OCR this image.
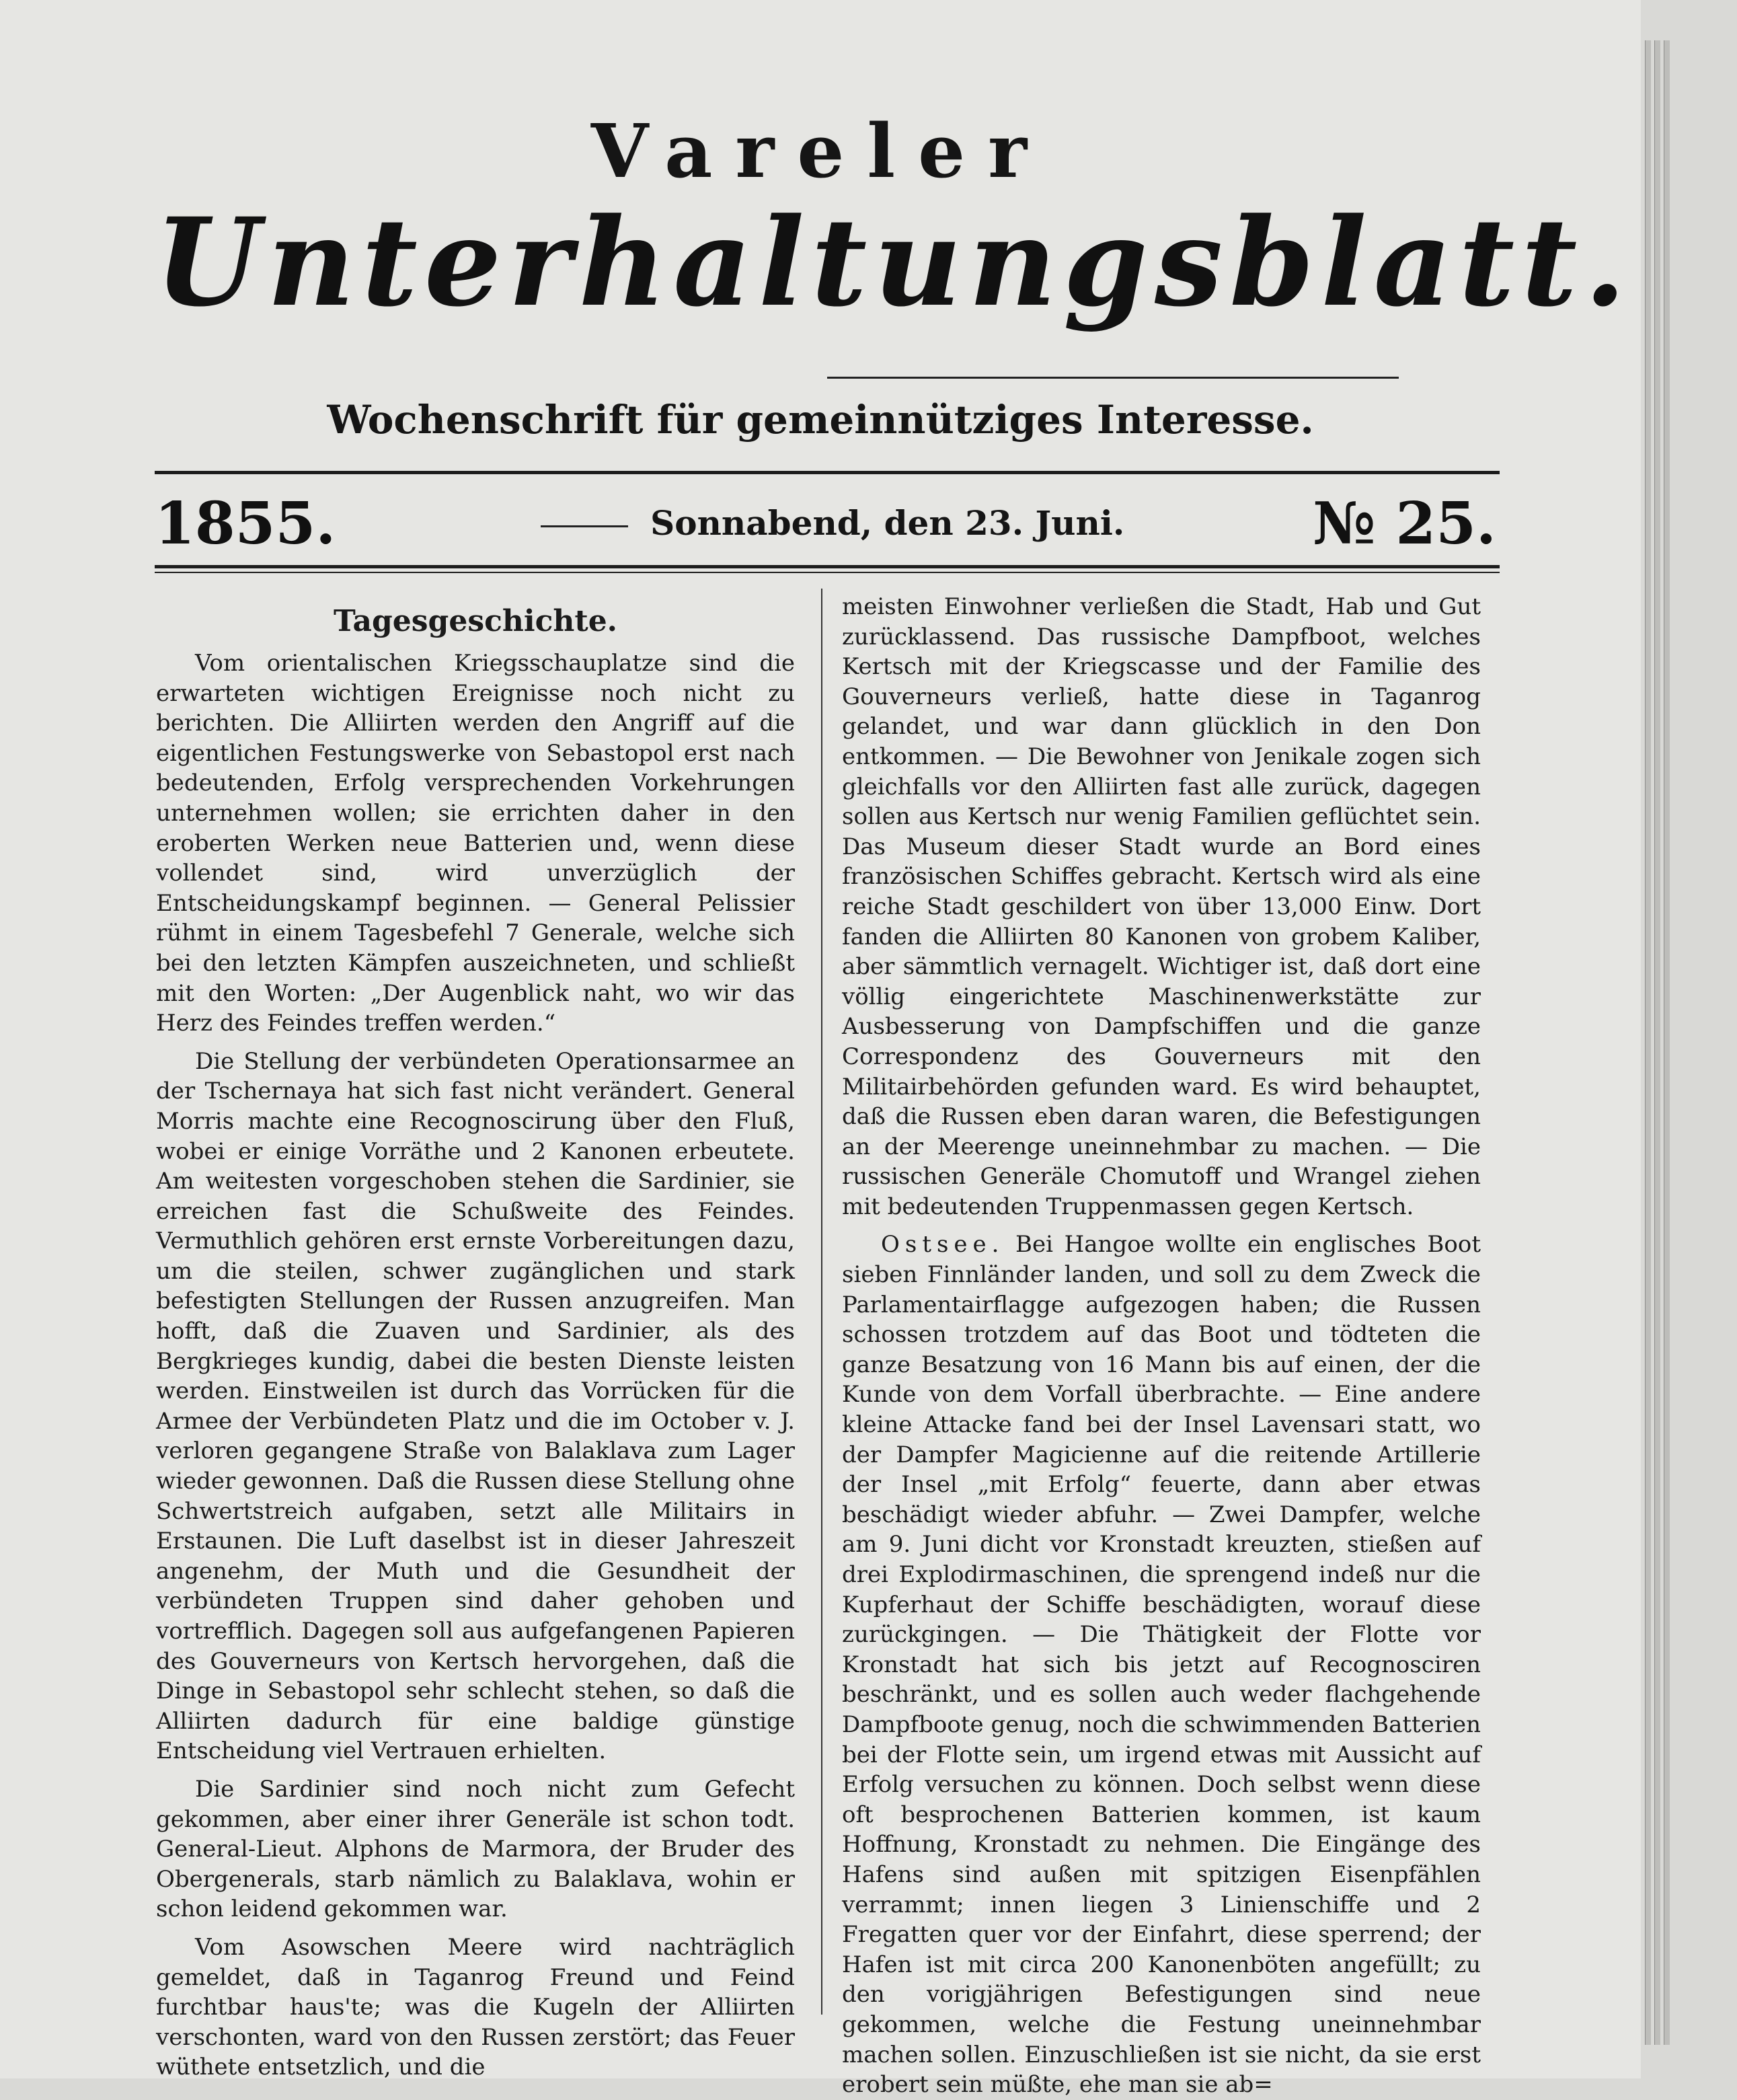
Vareler
Unterhaltungsblatt.
Wochenschrift für gemeinnütziges Interesse.
1855.	Sonnabend, den 23. Juni.	№ 25.
Tagesgeschichte.

Vom orientalischen Kriegsschauplatze sind die erwarteten wichtigen Ereignisse noch nicht zu berichten. Die Alliirten werden den Angriff auf die eigentlichen Festungswerke von Sebastopol erst nach bedeutenden, Erfolg versprechenden Vorkehrungen unternehmen wollen; sie errichten daher in den eroberten Werken neue Batterien und, wenn diese vollendet sind, wird unverzüglich der Entscheidungskampf beginnen. — General Pelissier rühmt in einem Tagesbefehl 7 Generale, welche sich bei den letzten Kämpfen auszeichneten, und schließt mit den Worten: „Der Augenblick naht, wo wir das Herz des Feindes treffen werden.“

Die Stellung der verbündeten Operationsarmee an der Tschernaya hat sich fast nicht verändert. General Morris machte eine Recognoscirung über den Fluß, wobei er einige Vorräthe und 2 Kanonen erbeutete. Am weitesten vorgeschoben stehen die Sardinier, sie erreichen fast die Schußweite des Feindes. Vermuthlich gehören erst ernste Vorbereitungen dazu, um die steilen, schwer zugänglichen und stark befestigten Stellungen der Russen anzugreifen. Man hofft, daß die Zuaven und Sardinier, als des Bergkrieges kundig, dabei die besten Dienste leisten werden. Einstweilen ist durch das Vorrücken für die Armee der Verbündeten Platz und die im October v. J. verloren gegangene Straße von Balaklava zum Lager wieder gewonnen. Daß die Russen diese Stellung ohne Schwertstreich aufgaben, setzt alle Militairs in Erstaunen. Die Luft daselbst ist in dieser Jahreszeit angenehm, der Muth und die Gesundheit der verbündeten Truppen sind daher gehoben und vortrefflich. Dagegen soll aus aufgefangenen Papieren des Gouverneurs von Kertsch hervorgehen, daß die Dinge in Sebastopol sehr schlecht stehen, so daß die Alliirten dadurch für eine baldige günstige Entscheidung viel Vertrauen erhielten.

Die Sardinier sind noch nicht zum Gefecht gekommen, aber einer ihrer Generäle ist schon todt. General-Lieut. Alphons de Marmora, der Bruder des Obergenerals, starb nämlich zu Balaklava, wohin er schon leidend gekommen war.

Vom Asowschen Meere wird nachträglich gemeldet, daß in Taganrog Freund und Feind furchtbar haus'te; was die Kugeln der Alliirten verschonten, ward von den Russen zerstört; das Feuer wüthete entsetzlich, und die

meisten Einwohner verließen die Stadt, Hab und Gut zurücklassend. Das russische Dampfboot, welches Kertsch mit der Kriegscasse und der Familie des Gouverneurs verließ, hatte diese in Taganrog gelandet, und war dann glücklich in den Don entkommen. — Die Bewohner von Jenikale zogen sich gleichfalls vor den Alliirten fast alle zurück, dagegen sollen aus Kertsch nur wenig Familien geflüchtet sein. Das Museum dieser Stadt wurde an Bord eines französischen Schiffes gebracht. Kertsch wird als eine reiche Stadt geschildert von über 13,000 Einw. Dort fanden die Alliirten 80 Kanonen von grobem Kaliber, aber sämmtlich vernagelt. Wichtiger ist, daß dort eine völlig eingerichtete Maschinenwerkstätte zur Ausbesserung von Dampfschiffen und die ganze Correspondenz des Gouverneurs mit den Militairbehörden gefunden ward. Es wird behauptet, daß die Russen eben daran waren, die Befestigungen an der Meerenge uneinnehmbar zu machen. — Die russischen Generäle Chomutoff und Wrangel ziehen mit bedeutenden Truppenmassen gegen Kertsch.

Ostsee. Bei Hangoe wollte ein englisches Boot sieben Finnländer landen, und soll zu dem Zweck die Parlamentairflagge aufgezogen haben; die Russen schossen trotzdem auf das Boot und tödteten die ganze Besatzung von 16 Mann bis auf einen, der die Kunde von dem Vorfall überbrachte. — Eine andere kleine Attacke fand bei der Insel Lavensari statt, wo der Dampfer Magicienne auf die reitende Artillerie der Insel „mit Erfolg“ feuerte, dann aber etwas beschädigt wieder abfuhr. — Zwei Dampfer, welche am 9. Juni dicht vor Kronstadt kreuzten, stießen auf drei Explodirmaschinen, die sprengend indeß nur die Kupferhaut der Schiffe beschädigten, worauf diese zurückgingen. — Die Thätigkeit der Flotte vor Kronstadt hat sich bis jetzt auf Recognosciren beschränkt, und es sollen auch weder flachgehende Dampfboote genug, noch die schwimmenden Batterien bei der Flotte sein, um irgend etwas mit Aussicht auf Erfolg versuchen zu können. Doch selbst wenn diese oft besprochenen Batterien kommen, ist kaum Hoffnung, Kronstadt zu nehmen. Die Eingänge des Hafens sind außen mit spitzigen Eisenpfählen verrammt; innen liegen 3 Linienschiffe und 2 Fregatten quer vor der Einfahrt, diese sperrend; der Hafen ist mit circa 200 Kanonenböten angefüllt; zu den vorigjährigen Befestigungen sind neue gekommen, welche die Festung uneinnehmbar machen sollen. Einzuschließen ist sie nicht, da sie erst erobert sein müßte, ehe man sie ab=
